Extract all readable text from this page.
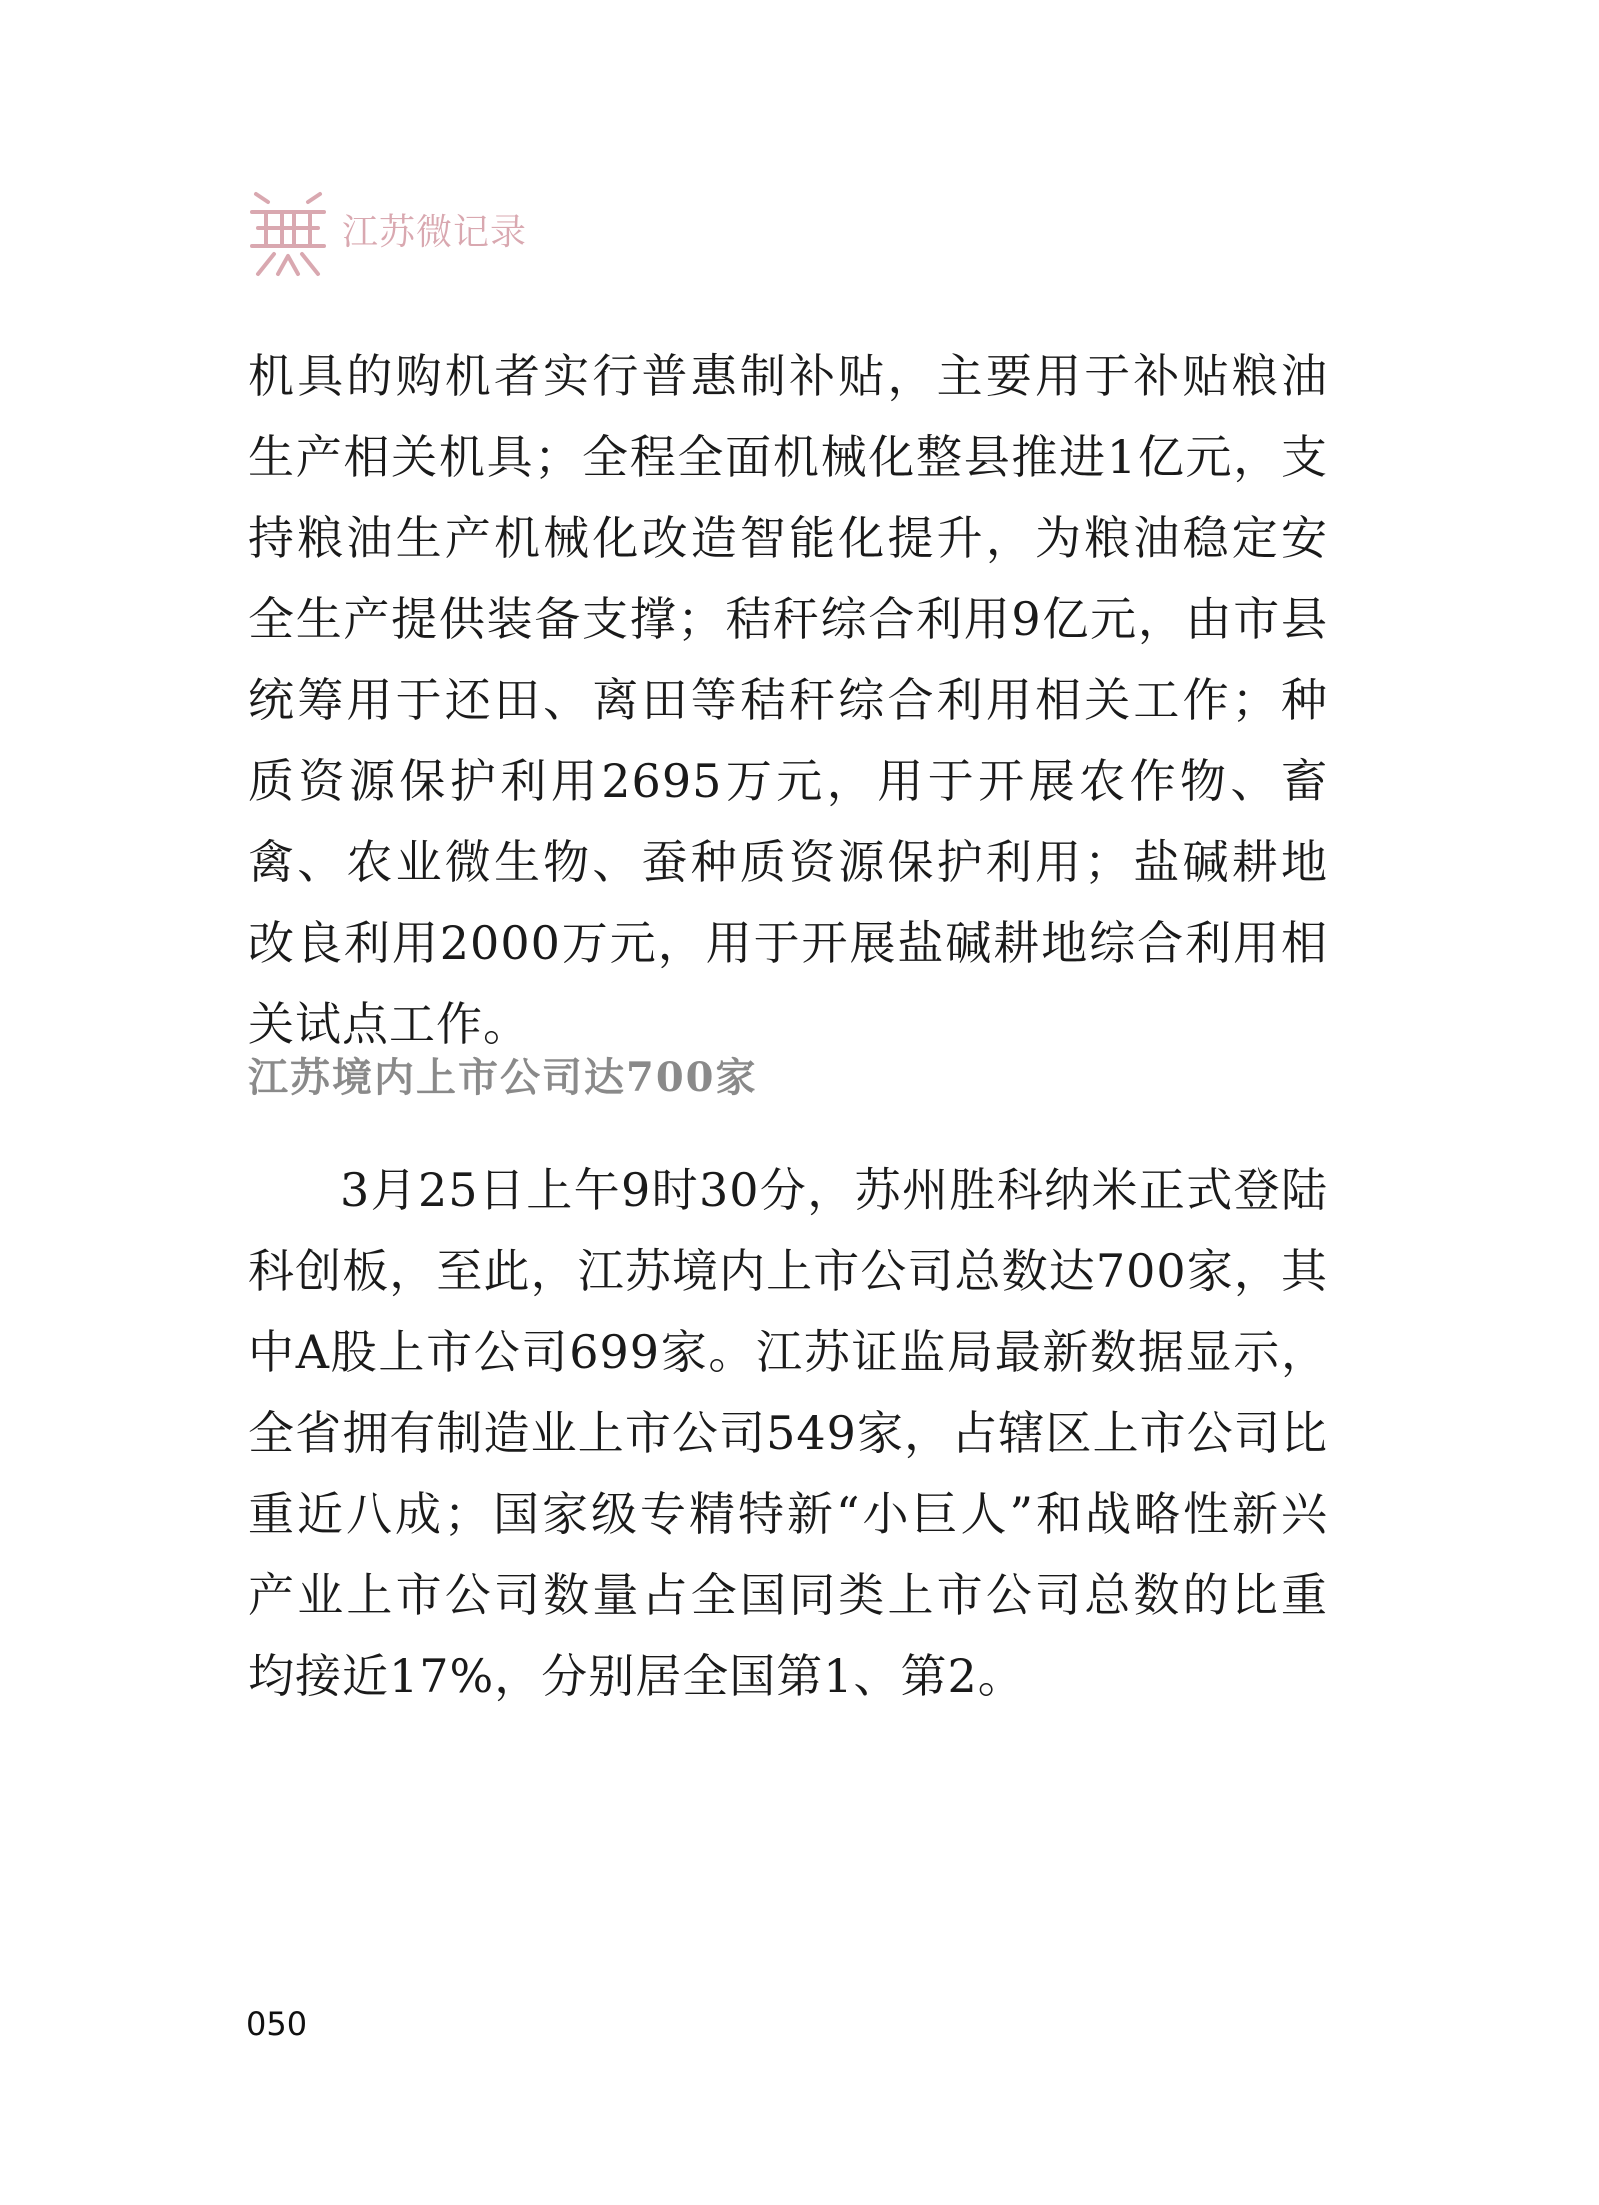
江苏微记录
机具的购机者实行普惠制补贴，主要用于补贴粮油生产相关机具；全程全面机械化整县推进1亿元，支持粮油生产机械化改造智能化提升，为粮油稳定安全生产提供装备支撑；秸秆综合利用9亿元，由市县统筹用于还田、离田等秸秆综合利用相关工作；种质资源保护利用2695万元，用于开展农作物、畜禽、农业微生物、蚕种质资源保护利用；盐碱耕地改良利用2000万元，用于开展盐碱耕地综合利用相关试点工作。
江苏境内上市公司达700家
3月25日上午9时30分，苏州胜科纳米正式登陆科创板，至此，江苏境内上市公司总数达700家，其中A股上市公司699家。江苏证监局最新数据显示，全省拥有制造业上市公司549家，占辖区上市公司比重近八成；国家级专精特新“小巨人”和战略性新兴产业上市公司数量占全国同类上市公司总数的比重均接近17%，分别居全国第1、第2。
050
